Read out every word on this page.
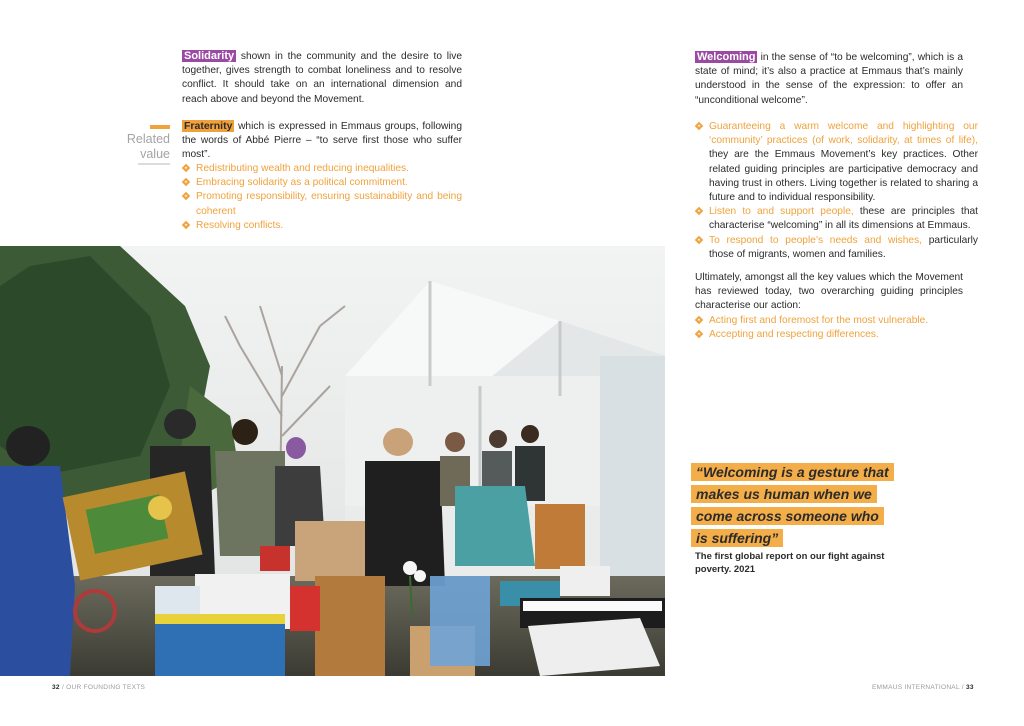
Solidarity shown in the community and the desire to live together, gives strength to combat loneliness and to resolve conflict. It should take on an international dimension and reach above and beyond the Movement.
Related value
Fraternity which is expressed in Emmaus groups, following the words of Abbé Pierre – “to serve first those who suffer most”.
Redistributing wealth and reducing inequalities.
Embracing solidarity as a political commitment.
Promoting responsibility, ensuring sustainability and being coherent
Resolving conflicts.
Welcoming in the sense of “to be welcoming”, which is a state of mind; it’s also a practice at Emmaus that’s mainly understood in the sense of the expression: to offer an “unconditional welcome”.
Guaranteeing a warm welcome and highlighting our ‘community’ practices (of work, solidarity, at times of life), they are the Emmaus Movement’s key practices. Other related guiding principles are participative democracy and having trust in others. Living together is related to sharing a future and to individual responsibility.
Listen to and support people, these are principles that characterise “welcoming” in all its dimensions at Emmaus.
To respond to people’s needs and wishes, particularly those of migrants, women and families.
Ultimately, amongst all the key values which the Movement has reviewed today, two overarching guiding principles characterise our action:
Acting first and foremost for the most vulnerable.
Accepting and respecting differences.
“Welcoming is a gesture that makes us human when we come across someone who is suffering”
The first global report on our fight against poverty. 2021
32 / OUR FOUNDING TEXTS	EMMAUS INTERNATIONAL / 33
